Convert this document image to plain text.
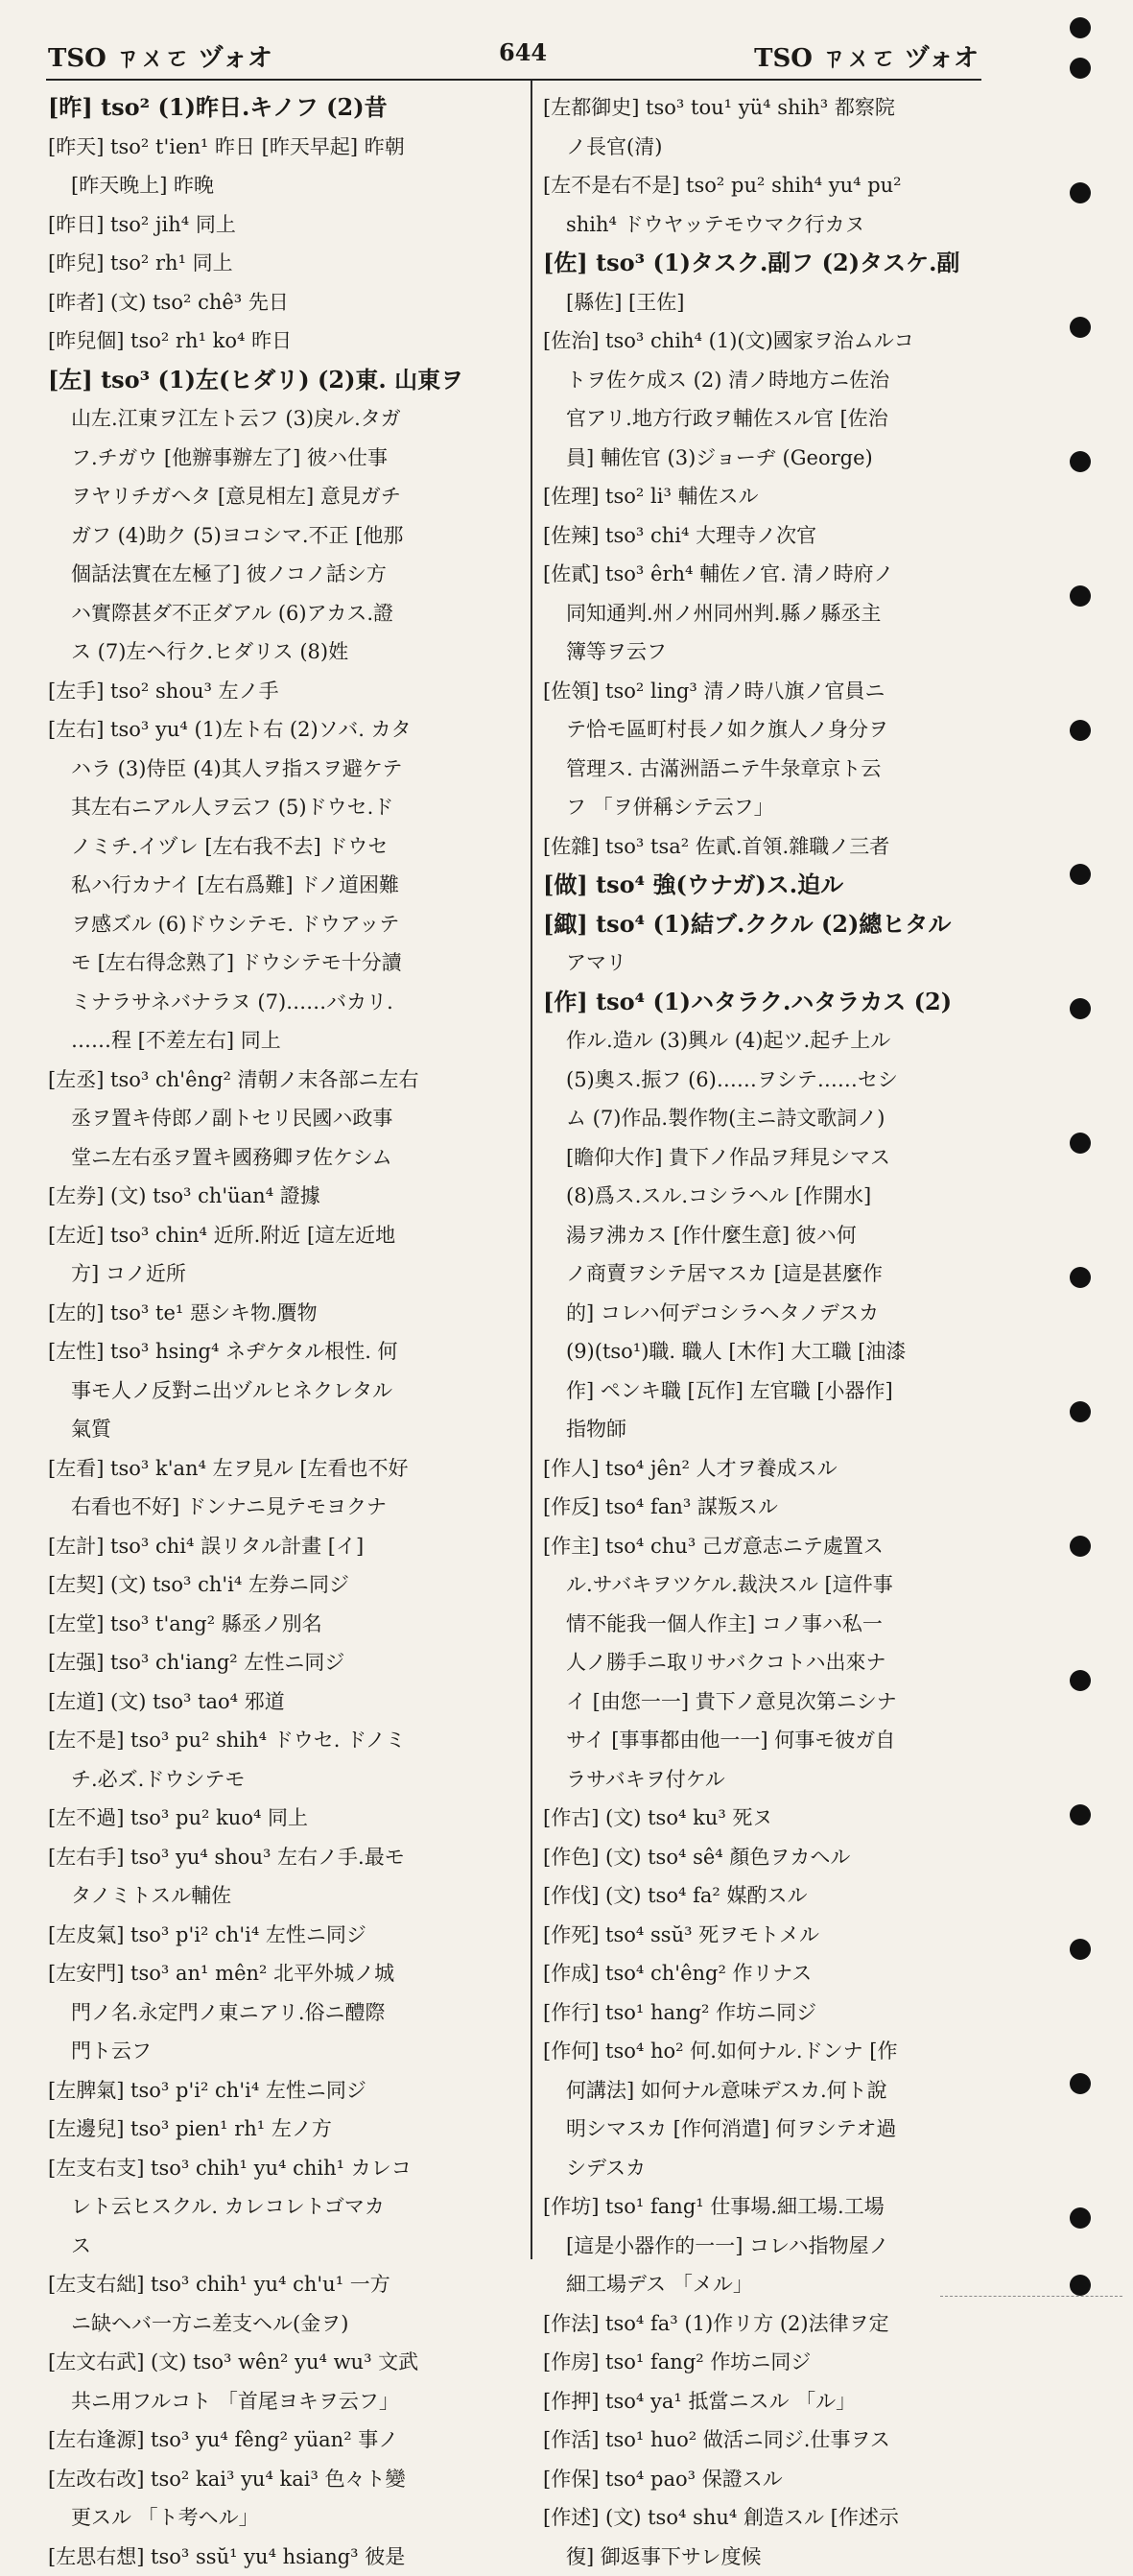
TSO ㄗㄨㄛ ヅォオ	644	TSO ㄗㄨㄛ ヅォオ
[昨] tso² (1)昨日.キノフ (2)昔
[昨天] tso² t'ien¹ 昨日 [昨天早起] 昨朝
[昨天晚上] 昨晚
[昨日] tso² jih⁴ 同上
[昨兒] tso² rh¹ 同上
[昨者] (文) tso² chê³ 先日
[昨兒個] tso² rh¹ ko⁴ 昨日
[左] tso³ (1)左(ヒダリ) (2)東. 山東ヲ
山左.江東ヲ江左ト云フ (3)戾ル.タガ
フ.チガウ [他辦事辦左了] 彼ハ仕事
ヲヤリチガヘタ [意見相左] 意見ガチ
ガフ (4)助ク (5)ヨコシマ.不正 [他那
個話法實在左極了] 彼ノコノ話シ方
ハ實際甚ダ不正ダアル (6)アカス.證
ス (7)左ヘ行ク.ヒダリス (8)姓
[左手] tso² shou³ 左ノ手
[左右] tso³ yu⁴ (1)左ト右 (2)ソバ. カタ
ハラ (3)侍臣 (4)其人ヲ指スヲ避ケテ
其左右ニアル人ヲ云フ (5)ドウセ.ド
ノミチ.イヅレ [左右我不去] ドウセ
私ハ行カナイ [左右爲難] ドノ道困難
ヲ感ズル (6)ドウシテモ. ドウアッテ
モ [左右得念熟了] ドウシテモ十分讀
ミナラサネバナラヌ (7)……バカリ.
……程 [不差左右] 同上
[左丞] tso³ ch'êng² 清朝ノ末各部ニ左右
丞ヲ置キ侍郎ノ副トセリ民國ハ政事
堂ニ左右丞ヲ置キ國務卿ヲ佐ケシム
[左券] (文) tso³ ch'üan⁴ 證據
[左近] tso³ chin⁴ 近所.附近 [這左近地
方] コノ近所
[左的] tso³ te¹ 惡シキ物.贋物
[左性] tso³ hsing⁴ ネヂケタル根性. 何
事モ人ノ反對ニ出ヅルヒネクレタル
氣質
[左看] tso³ k'an⁴ 左ヲ見ル [左看也不好
右看也不好] ドンナニ見テモヨクナ
[左計] tso³ chi⁴ 誤リタル計畫 [イ]
[左契] (文) tso³ ch'i⁴ 左券ニ同ジ
[左堂] tso³ t'ang² 縣丞ノ別名
[左强] tso³ ch'iang² 左性ニ同ジ
[左道] (文) tso³ tao⁴ 邪道
[左不是] tso³ pu² shih⁴ ドウセ. ドノミ
チ.必ズ.ドウシテモ
[左不過] tso³ pu² kuo⁴ 同上
[左右手] tso³ yu⁴ shou³ 左右ノ手.最モ
タノミトスル輔佐
[左皮氣] tso³ p'i² ch'i⁴ 左性ニ同ジ
[左安門] tso³ an¹ mên² 北平外城ノ城
門ノ名.永定門ノ東ニアリ.俗ニ醴際
門ト云フ
[左脾氣] tso³ p'i² ch'i⁴ 左性ニ同ジ
[左邊兒] tso³ pien¹ rh¹ 左ノ方
[左支右支] tso³ chih¹ yu⁴ chih¹ カレコ
レト云ヒスクル. カレコレトゴマカ
ス
[左支右絀] tso³ chih¹ yu⁴ ch'u¹ 一方
ニ缺ヘバ一方ニ差支ヘル(金ヲ)
[左文右武] (文) tso³ wên² yu⁴ wu³ 文武
共ニ用フルコト 「首尾ヨキヲ云フ」
[左右逢源] tso³ yu⁴ fêng² yüan² 事ノ
[左改右改] tso² kai³ yu⁴ kai³ 色々ト變
更スル 「ト考ヘル」
[左思右想] tso³ ssŭ¹ yu⁴ hsiang³ 彼是
[左都御史] tso³ tou¹ yü⁴ shih³ 都察院
ノ長官(清)
[左不是右不是] tso² pu² shih⁴ yu⁴ pu²
shih⁴ ドウヤッテモウマク行カヌ
[佐] tso³ (1)タスク.副フ (2)タスケ.副
[縣佐] [王佐]
[佐治] tso³ chih⁴ (1)(文)國家ヲ治ムルコ
トヲ佐ケ成ス (2) 清ノ時地方ニ佐治
官アリ.地方行政ヲ輔佐スル官 [佐治
員] 輔佐官 (3)ジョーヂ (George)
[佐理] tso² li³ 輔佐スル
[佐辣] tso³ chi⁴ 大理寺ノ次官
[佐貳] tso³ êrh⁴ 輔佐ノ官. 清ノ時府ノ
同知通判.州ノ州同州判.縣ノ縣丞主
簿等ヲ云フ
[佐領] tso² ling³ 清ノ時八旗ノ官員ニ
テ恰モ區町村長ノ如ク旗人ノ身分ヲ
管理ス. 古滿洲語ニテ牛彔章京ト云
フ 「ヲ併稱シテ云フ」
[佐雜] tso³ tsa² 佐貳.首領.雜職ノ三者
[做] tso⁴ 強(ウナガ)ス.迫ル
[緅] tso⁴ (1)結ブ.ククル (2)總ヒタル
アマリ
[作] tso⁴ (1)ハタラク.ハタラカス (2)
作ル.造ル (3)興ル (4)起ツ.起チ上ル
(5)奧ス.振フ (6)……ヲシテ……セシ
ム (7)作品.製作物(主ニ詩文歌詞ノ)
[瞻仰大作] 貴下ノ作品ヲ拜見シマス
(8)爲ス.スル.コシラヘル [作開水]
湯ヲ沸カス [作什麼生意] 彼ハ何
ノ商賣ヲシテ居マスカ [這是甚麼作
的] コレハ何デコシラヘタノデスカ
(9)(tso¹)職. 職人 [木作] 大工職 [油漆
作] ペンキ職 [瓦作] 左官職 [小器作]
指物師
[作人] tso⁴ jên² 人才ヲ養成スル
[作反] tso⁴ fan³ 謀叛スル
[作主] tso⁴ chu³ 己ガ意志ニテ處置ス
ル.サバキヲツケル.裁決スル [這件事
情不能我一個人作主] コノ事ハ私一
人ノ勝手ニ取リサバクコトハ出來ナ
イ [由您一一] 貴下ノ意見次第ニシナ
サイ [事事都由他一一] 何事モ彼ガ自
ラサバキヲ付ケル
[作古] (文) tso⁴ ku³ 死ヌ
[作色] (文) tso⁴ sê⁴ 顏色ヲカヘル
[作伐] (文) tso⁴ fa² 媒酌スル
[作死] tso⁴ ssŭ³ 死ヲモトメル
[作成] tso⁴ ch'êng² 作リナス
[作行] tso¹ hang² 作坊ニ同ジ
[作何] tso⁴ ho² 何.如何ナル.ドンナ [作
何講法] 如何ナル意味デスカ.何ト說
明シマスカ [作何消遣] 何ヲシテオ過
シデスカ
[作坊] tso¹ fang¹ 仕事場.細工場.工場
[這是小器作的一一] コレハ指物屋ノ
細工場デス 「メル」
[作法] tso⁴ fa³ (1)作リ方 (2)法律ヲ定
[作房] tso¹ fang² 作坊ニ同ジ
[作押] tso⁴ ya¹ 抵當ニスル 「ル」
[作活] tso¹ huo² 做活ニ同ジ.仕事ヲス
[作保] tso⁴ pao³ 保證スル
[作述] (文) tso⁴ shu⁴ 創造スル [作述示
復] 御返事下サレ度候
